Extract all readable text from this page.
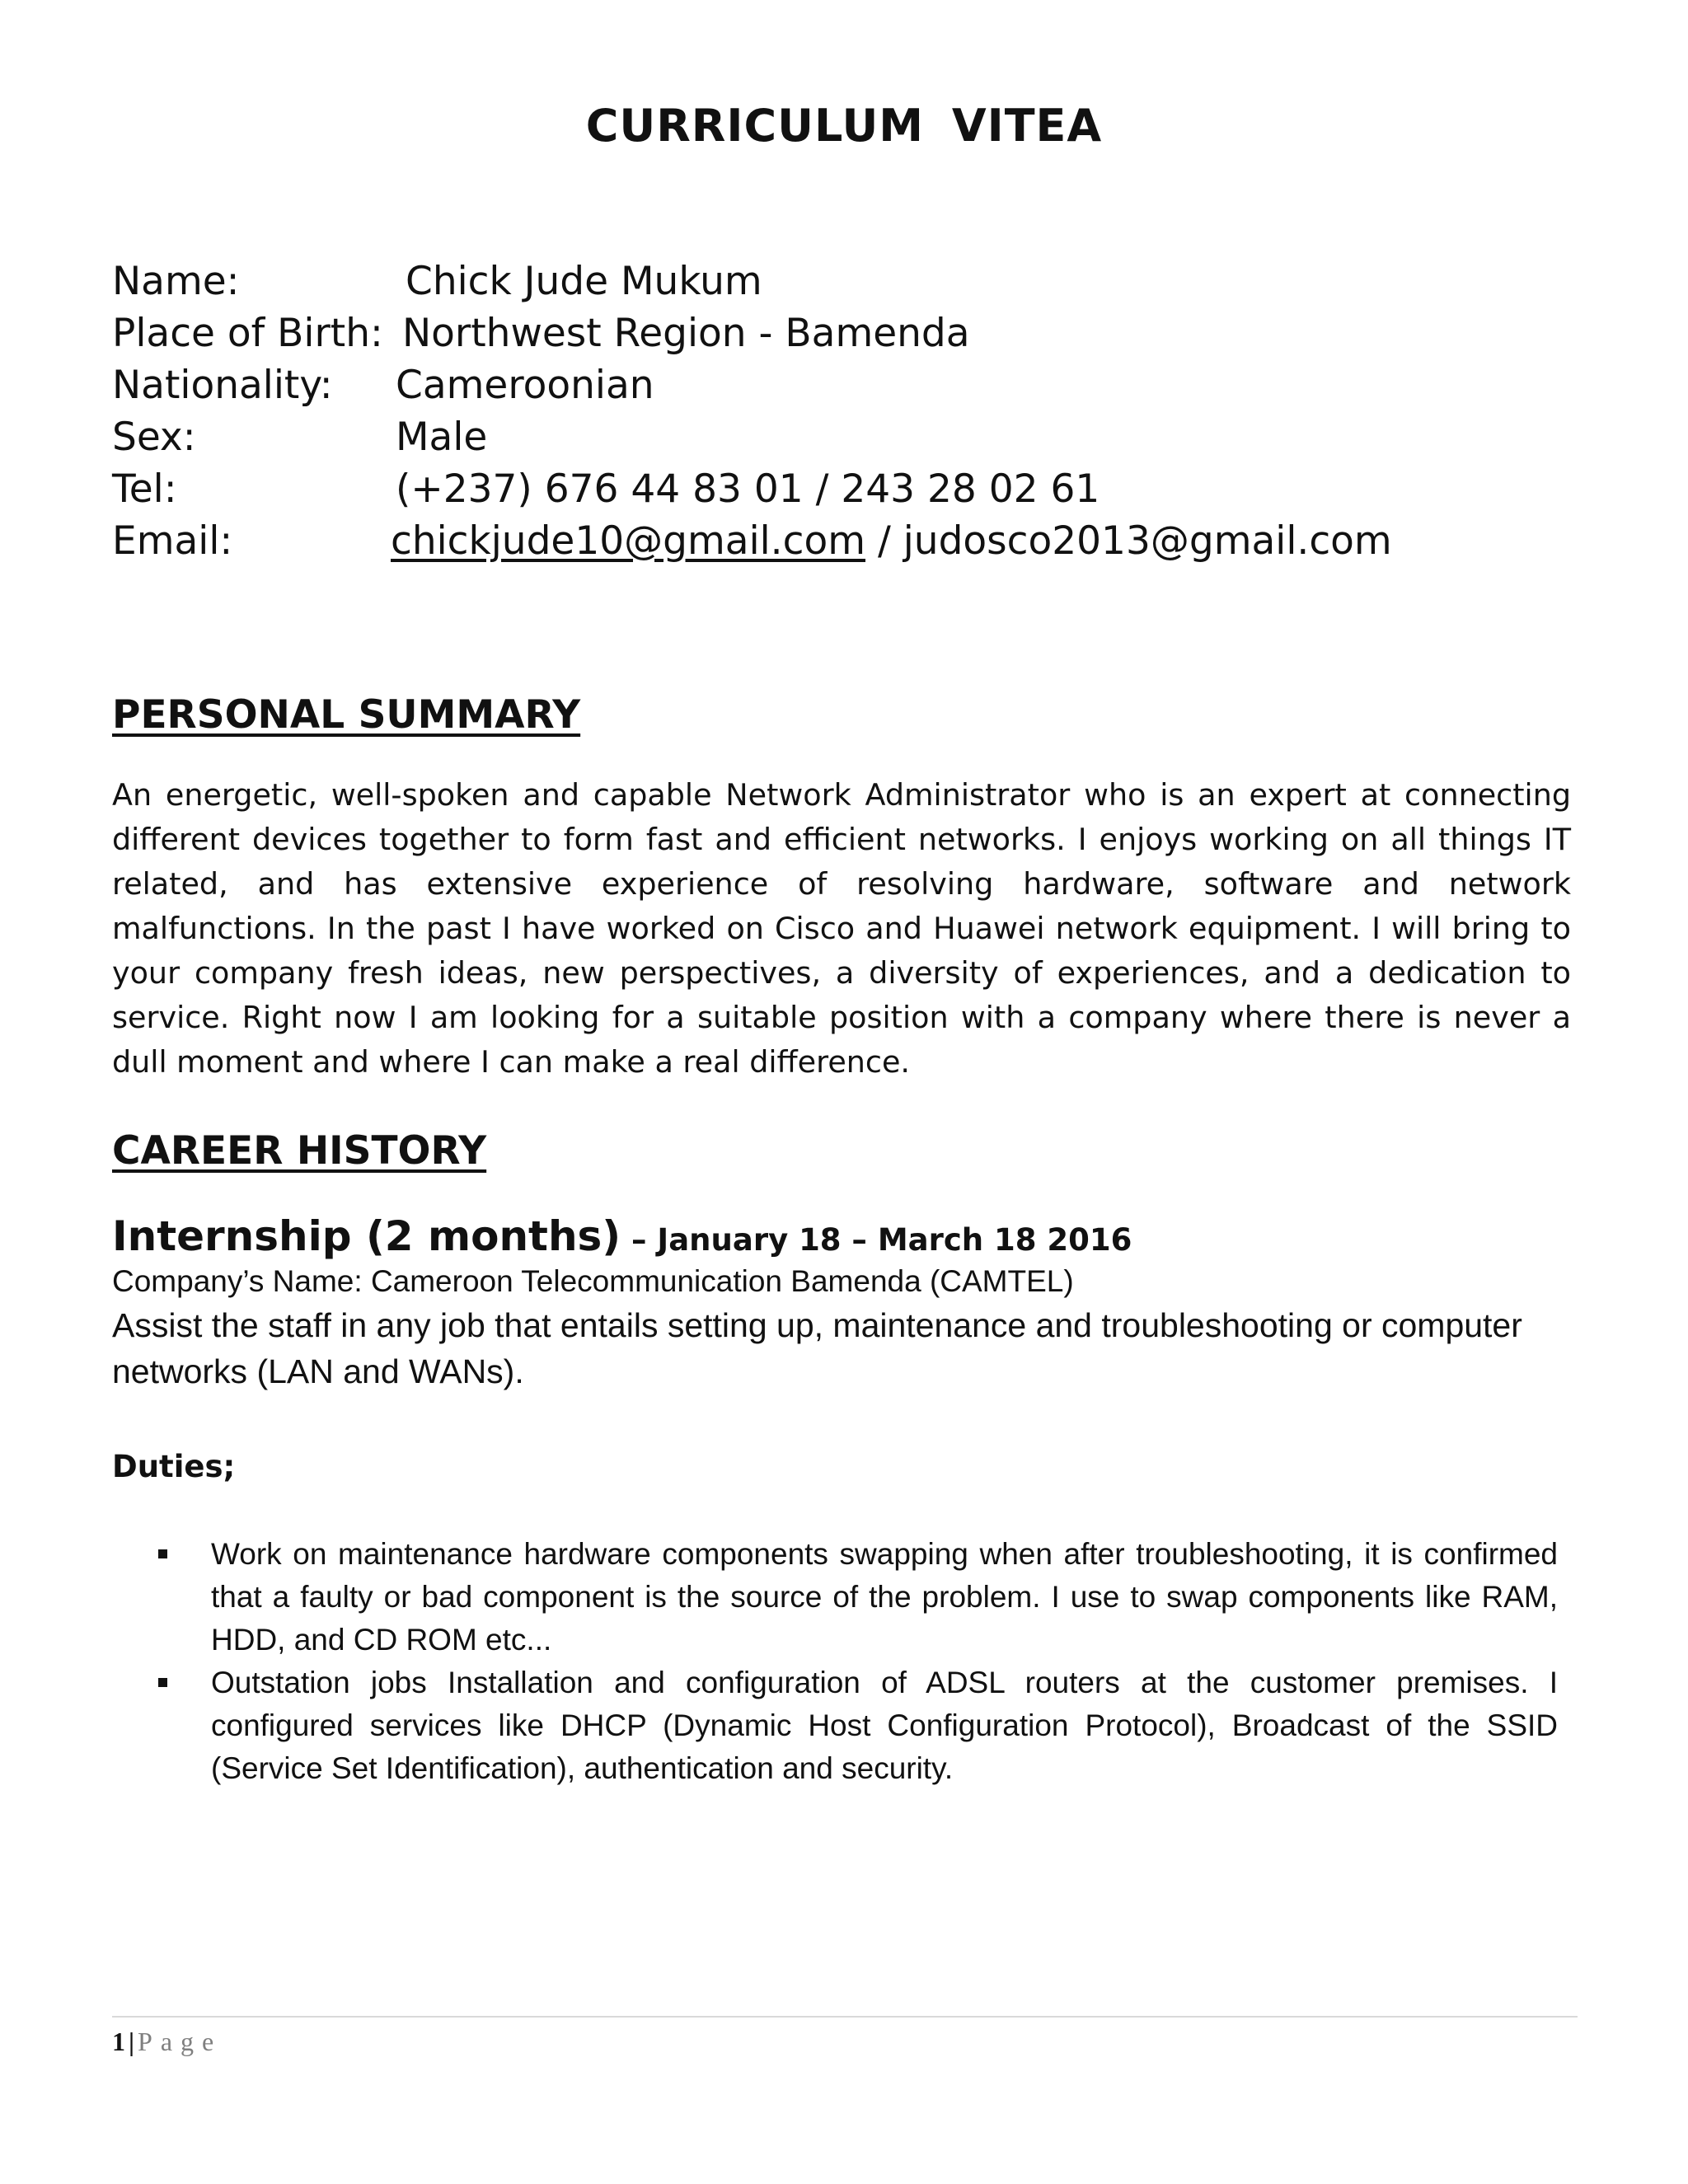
CURRICULUM VITEA
Name:	Chick Jude Mukum
Place of Birth: Northwest Region - Bamenda
Nationality: Cameroonian
Sex:	Male
Tel:	(+237) 676 44 83 01 / 243 28 02 61
Email:	chickjude10@gmail.com / judosco2013@gmail.com
PERSONAL SUMMARY
An energetic, well-spoken and capable Network Administrator who is an expert at connecting different devices together to form fast and efficient networks. I enjoys working on all things IT related, and has extensive experience of resolving hardware, software and network malfunctions. In the past I have worked on Cisco and Huawei network equipment. I will bring to your company fresh ideas, new perspectives, a diversity of experiences, and a dedication to service. Right now I am looking for a suitable position with a company where there is never a dull moment and where I can make a real difference.
CAREER HISTORY
Internship (2 months) – January 18 – March 18 2016
Company’s Name: Cameroon Telecommunication Bamenda (CAMTEL)
Assist the staff in any job that entails setting up, maintenance and troubleshooting or computer networks (LAN and WANs).
Duties;
Work on maintenance hardware components swapping when after troubleshooting, it is confirmed that a faulty or bad component is the source of the problem. I use to swap components like RAM, HDD, and CD ROM etc...
Outstation jobs Installation and configuration of ADSL routers at the customer premises. I configured services like DHCP (Dynamic Host Configuration Protocol), Broadcast of the SSID (Service Set Identification), authentication and security.
1 | Page
